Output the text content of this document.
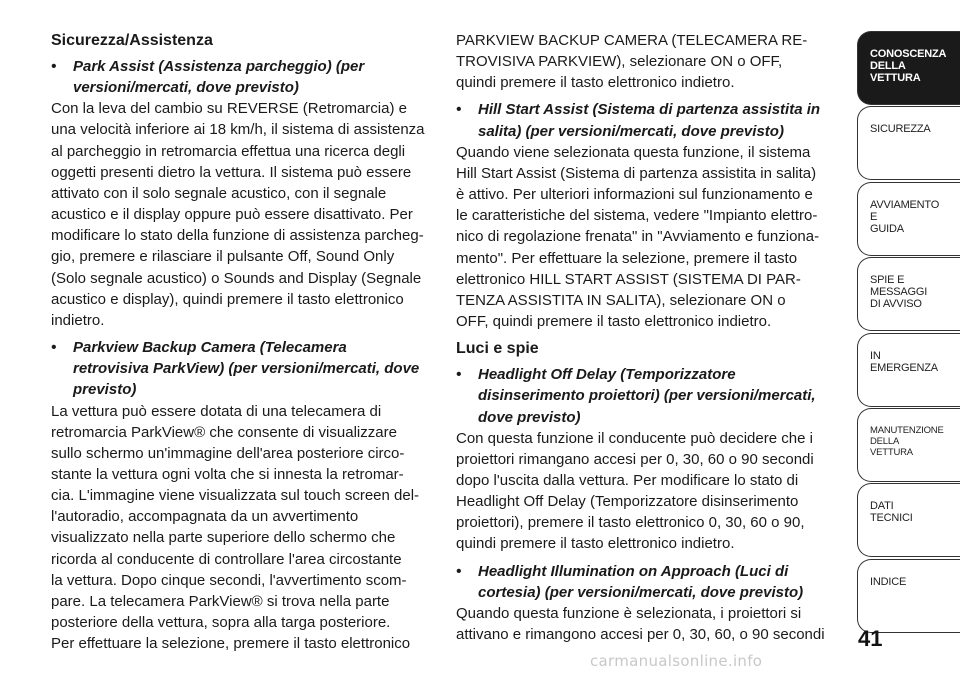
Sicurezza/Assistenza
• Park Assist (Assistenza parcheggio) (per
versioni/mercati, dove previsto)
Con la leva del cambio su REVERSE (Retromarcia) e
una velocità inferiore ai 18 km/h, il sistema di assistenza
al parcheggio in retromarcia effettua una ricerca degli
oggetti presenti dietro la vettura. Il sistema può essere
attivato con il solo segnale acustico, con il segnale
acustico e il display oppure può essere disattivato. Per
modificare lo stato della funzione di assistenza parcheg-
gio, premere e rilasciare il pulsante Off, Sound Only
(Solo segnale acustico) o Sounds and Display (Segnale
acustico e display), quindi premere il tasto elettronico
indietro.
• Parkview Backup Camera (Telecamera
retrovisiva ParkView) (per versioni/mercati, dove
previsto)
La vettura può essere dotata di una telecamera di
retromarcia ParkView® che consente di visualizzare
sullo schermo un'immagine dell'area posteriore circo-
stante la vettura ogni volta che si innesta la retromar-
cia. L'immagine viene visualizzata sul touch screen del-
l'autoradio, accompagnata da un avvertimento
visualizzato nella parte superiore dello schermo che
ricorda al conducente di controllare l'area circostante
la vettura. Dopo cinque secondi, l'avvertimento scom-
pare. La telecamera ParkView® si trova nella parte
posteriore della vettura, sopra alla targa posteriore.
Per effettuare la selezione, premere il tasto elettronico
PARKVIEW BACKUP CAMERA (TELECAMERA RE-
TROVISIVA PARKVIEW), selezionare ON o OFF,
quindi premere il tasto elettronico indietro.
• Hill Start Assist (Sistema di partenza assistita in
salita) (per versioni/mercati, dove previsto)
Quando viene selezionata questa funzione, il sistema
Hill Start Assist (Sistema di partenza assistita in salita)
è attivo. Per ulteriori informazioni sul funzionamento e
le caratteristiche del sistema, vedere "Impianto elettro-
nico di regolazione frenata" in "Avviamento e funziona-
mento". Per effettuare la selezione, premere il tasto
elettronico HILL START ASSIST (SISTEMA DI PAR-
TENZA ASSISTITA IN SALITA), selezionare ON o
OFF, quindi premere il tasto elettronico indietro.
Luci e spie
• Headlight Off Delay (Temporizzatore
disinserimento proiettori) (per versioni/mercati,
dove previsto)
Con questa funzione il conducente può decidere che i
proiettori rimangano accesi per 0, 30, 60 o 90 secondi
dopo l'uscita dalla vettura. Per modificare lo stato di
Headlight Off Delay (Temporizzatore disinserimento
proiettori), premere il tasto elettronico 0, 30, 60 o 90,
quindi premere il tasto elettronico indietro.
• Headlight Illumination on Approach (Luci di
cortesia) (per versioni/mercati, dove previsto)
Quando questa funzione è selezionata, i proiettori si
attivano e rimangono accesi per 0, 30, 60, o 90 secondi
CONOSCENZA
DELLA
VETTURA
SICUREZZA
AVVIAMENTO
E
GUIDA
SPIE E
MESSAGGI
DI AVVISO
IN
EMERGENZA
MANUTENZIONE
DELLA
VETTURA
DATI
TECNICI
INDICE
41
carmanualsonline.info
